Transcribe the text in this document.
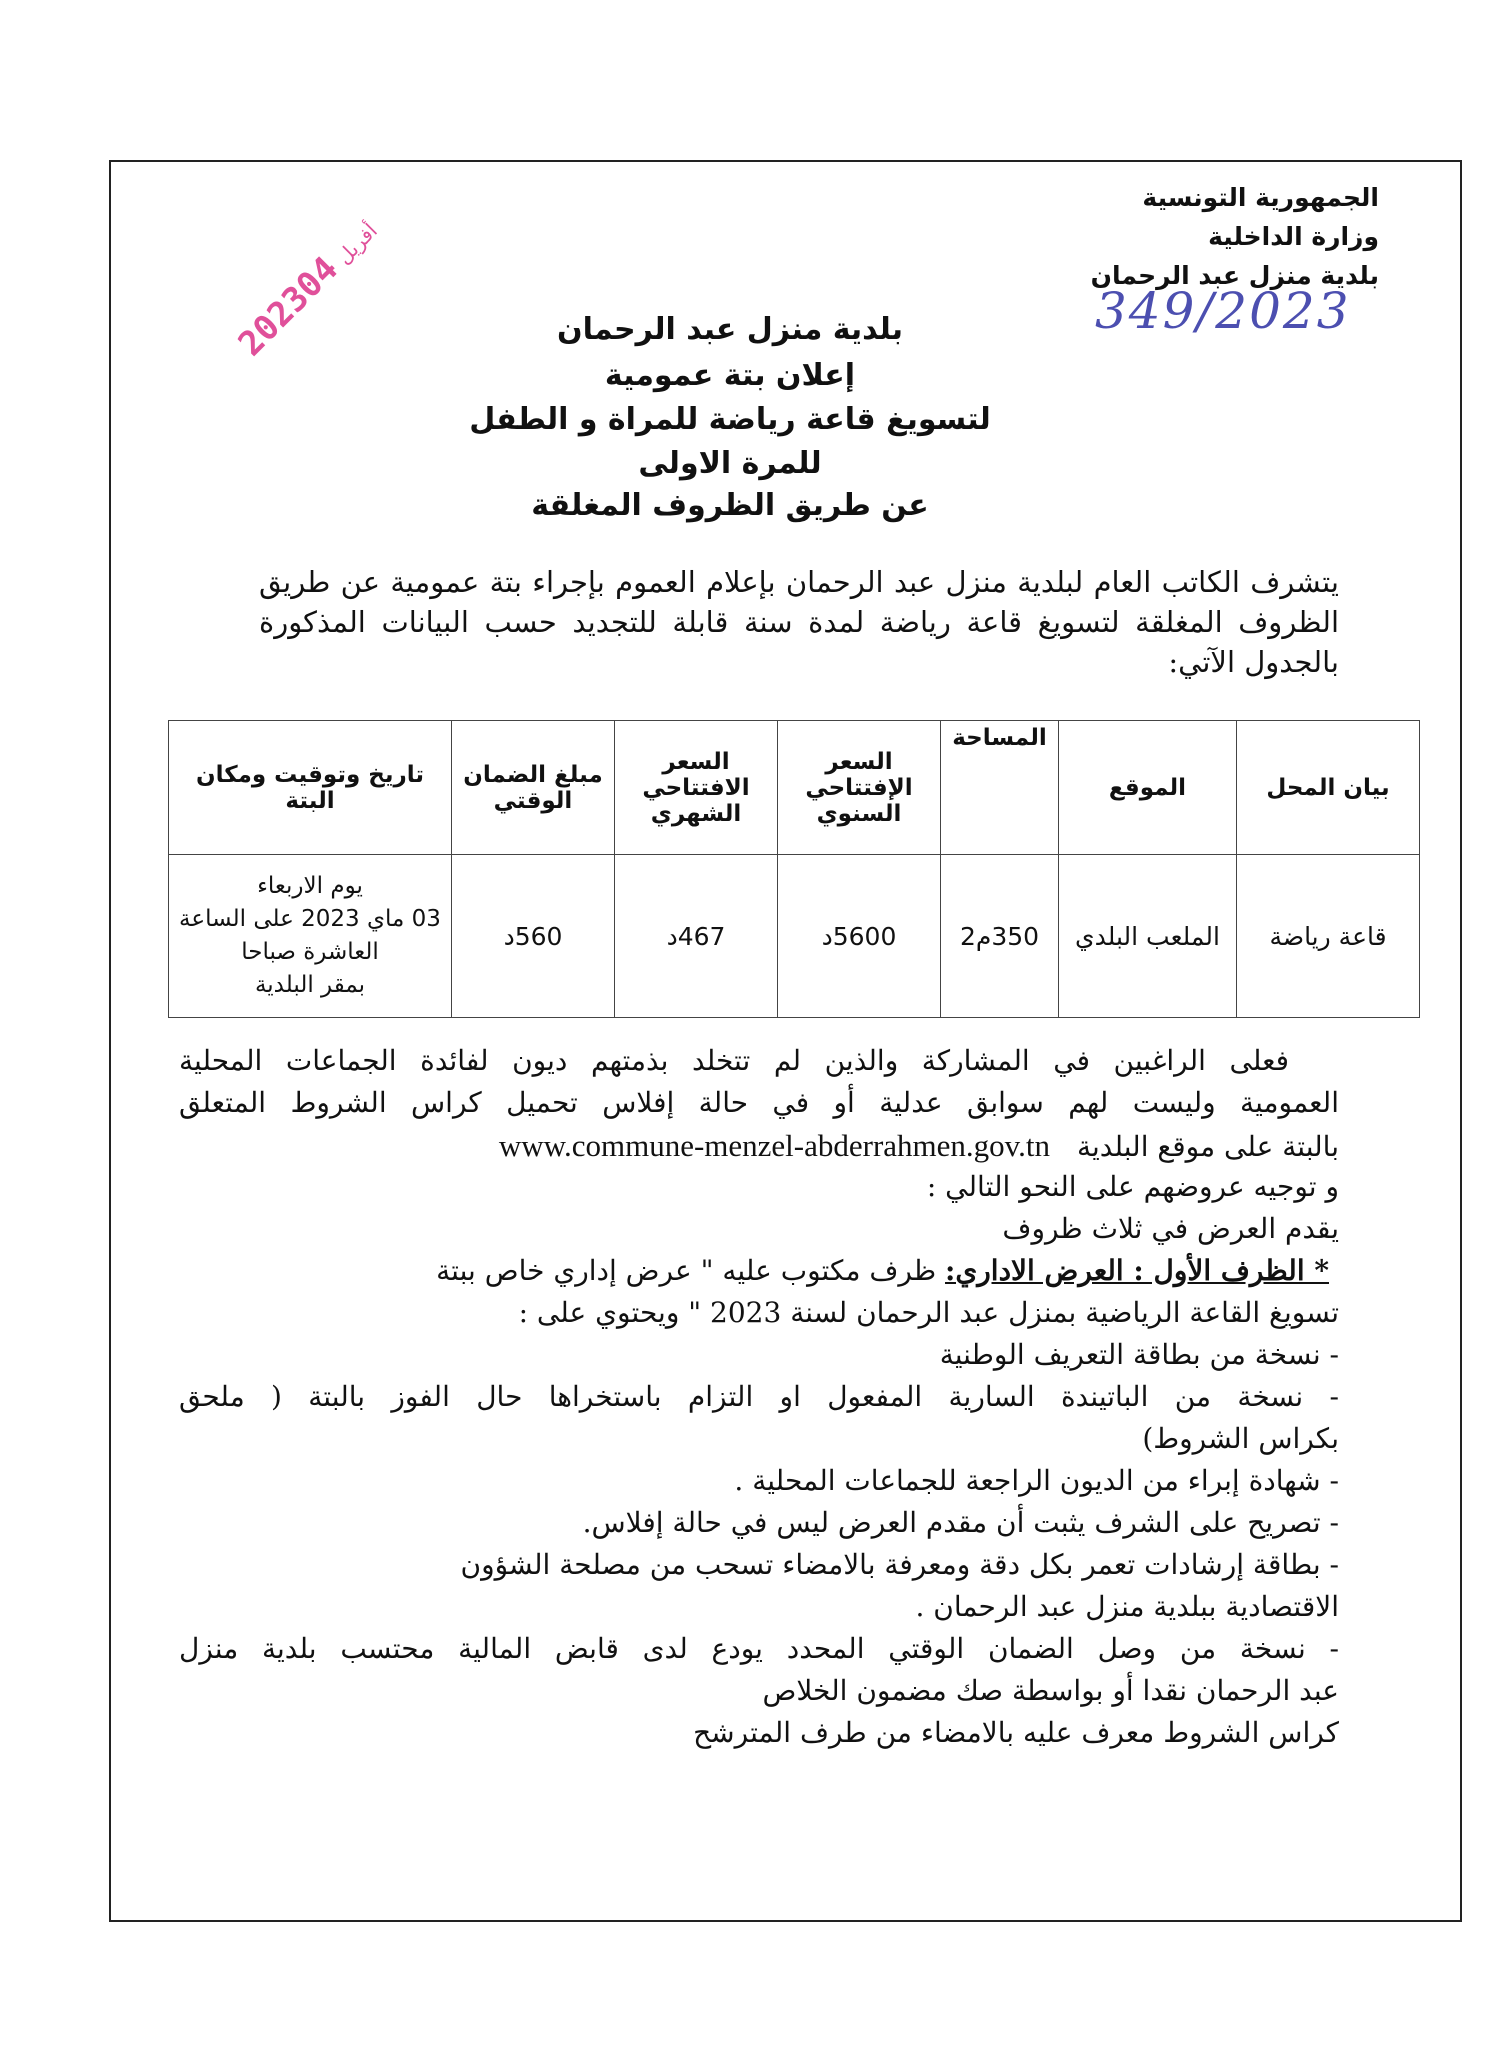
الجمهورية التونسية
وزارة الداخلية
بلدية منزل عبد الرحمان
349/2023
2023أفريل04
بلدية منزل عبد الرحمان
إعلان بتة عمومية
لتسويغ قاعة رياضة للمراة و الطفل
للمرة الاولى
عن طريق الظروف المغلقة
يتشرف الكاتب العام لبلدية منزل عبد الرحمان بإعلام العموم بإجراء بتة عمومية عن طريق الظروف المغلقة لتسويغ قاعة رياضة لمدة سنة قابلة للتجديد حسب البيانات المذكورة بالجدول الآتي:
بيان المحل	الموقع	المساحة	السعر الإفتتاحي السنوي	السعر الافتتاحي الشهري	مبلغ الضمان الوقتي	تاريخ وتوقيت ومكان البتة
قاعة رياضة	الملعب البلدي	350م2	5600د	467د	560د	يوم الاربعاء
03 ماي 2023 على الساعة
العاشرة صباحا
بمقر البلدية
فعلى الراغبين في المشاركة والذين لم تتخلد بذمتهم ديون لفائدة الجماعات المحلية
العمومية وليست لهم سوابق عدلية أو في حالة إفلاس تحميل كراس الشروط المتعلق
بالبتة على موقع البلدية www.commune-menzel-abderrahmen.gov.tn
و توجيه عروضهم على النحو التالي :
يقدم العرض في ثلاث ظروف
* الظرف الأول : العرض الاداري: ظرف مكتوب عليه " عرض إداري خاص ببتة
تسويغ القاعة الرياضية بمنزل عبد الرحمان لسنة 2023 " ويحتوي على :
- نسخة من بطاقة التعريف الوطنية
- نسخة من الباتيندة السارية المفعول او التزام باستخراها حال الفوز بالبتة ( ملحق
بكراس الشروط)
- شهادة إبراء من الديون الراجعة للجماعات المحلية .
- تصريح على الشرف يثبت أن مقدم العرض ليس في حالة إفلاس.
- بطاقة إرشادات تعمر بكل دقة ومعرفة بالامضاء تسحب من مصلحة الشؤون
الاقتصادية ببلدية منزل عبد الرحمان .
- نسخة من وصل الضمان الوقتي المحدد يودع لدى قابض المالية محتسب بلدية منزل
عبد الرحمان نقدا أو بواسطة صك مضمون الخلاص
كراس الشروط معرف عليه بالامضاء من طرف المترشح
